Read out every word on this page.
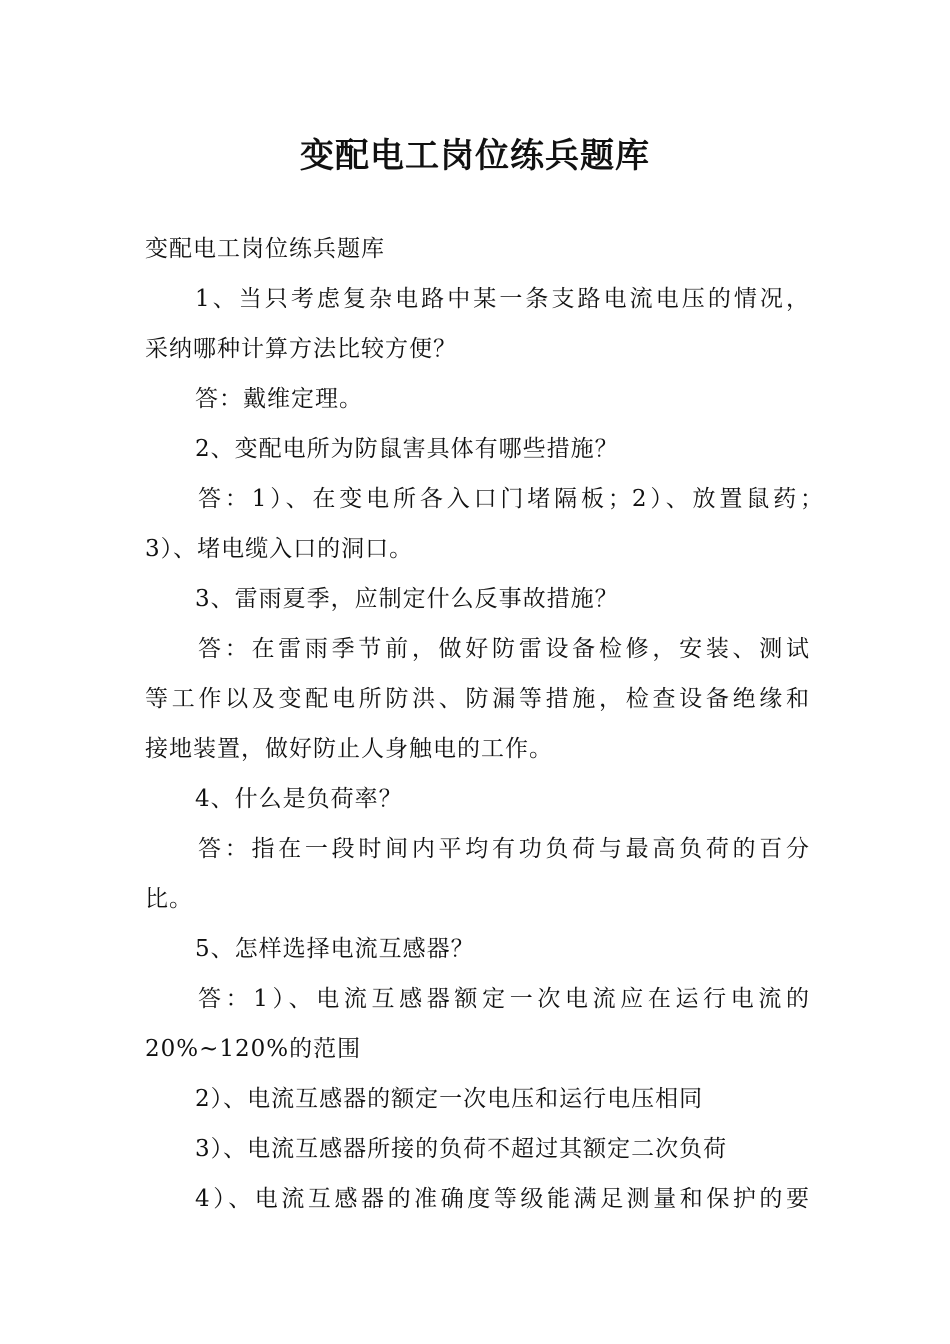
变配电工岗位练兵题库
变配电工岗位练兵题库
1、当只考虑复杂电路中某一条支路电流电压的情况，
采纳哪种计算方法比较方便？
答：戴维定理。
2、变配电所为防鼠害具体有哪些措施？
答：1）、在变电所各入口门堵隔板；2）、放置鼠药；
3）、堵电缆入口的洞口。
3、雷雨夏季，应制定什么反事故措施？
答：在雷雨季节前，做好防雷设备检修，安装、测试
等工作以及变配电所防洪、防漏等措施，检查设备绝缘和
接地装置，做好防止人身触电的工作。
4、什么是负荷率？
答：指在一段时间内平均有功负荷与最高负荷的百分
比。
5、怎样选择电流互感器？
答：1）、电流互感器额定一次电流应在运行电流的
20%~120%的范围
2）、电流互感器的额定一次电压和运行电压相同
3）、电流互感器所接的负荷不超过其额定二次负荷
4）、电流互感器的准确度等级能满足测量和保护的要
